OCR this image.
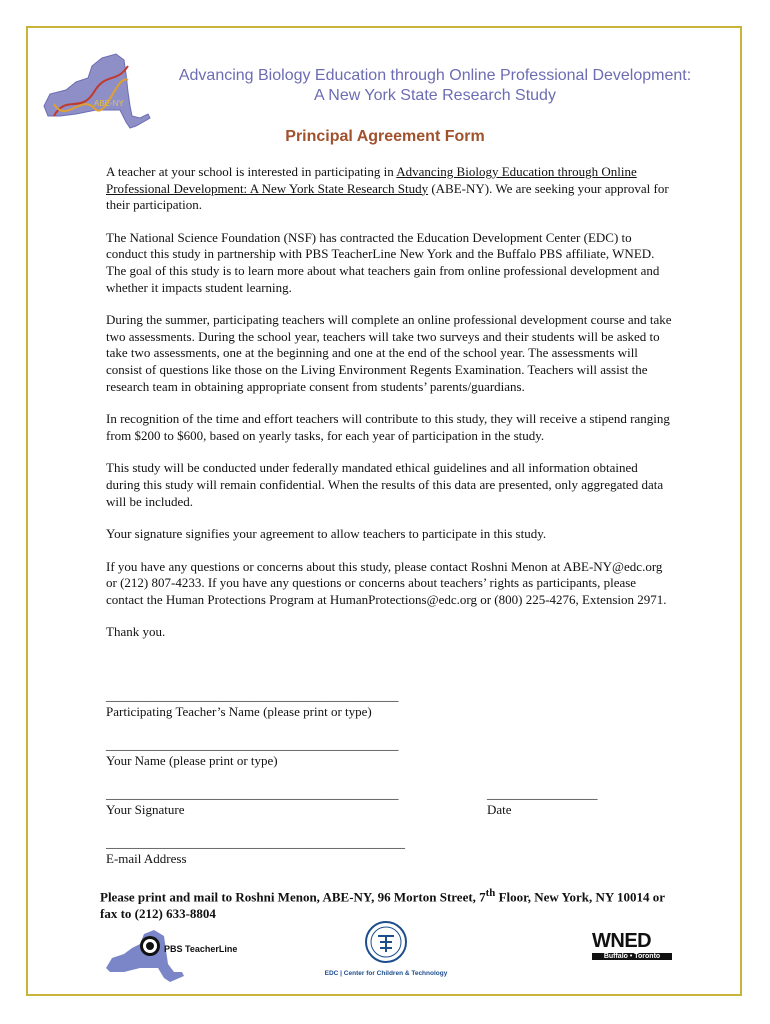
ABE-NY
Advancing Biology Education through Online Professional Development:
A New York State Research Study
Principal Agreement Form

A teacher at your school is interested in participating in Advancing Biology Education through Online Professional Development: A New York State Research Study (ABE-NY). We are seeking your approval for their participation.

The National Science Foundation (NSF) has contracted the Education Development Center (EDC) to conduct this study in partnership with PBS TeacherLine New York and the Buffalo PBS affiliate, WNED. The goal of this study is to learn more about what teachers gain from online professional development and whether it impacts student learning.

During the summer, participating teachers will complete an online professional development course and take two assessments. During the school year, teachers will take two surveys and their students will be asked to take two assessments, one at the beginning and one at the end of the school year. The assessments will consist of questions like those on the Living Environment Regents Examination. Teachers will assist the research team in obtaining appropriate consent from students’ parents/guardians.

In recognition of the time and effort teachers will contribute to this study, they will receive a stipend ranging from $200 to $600, based on yearly tasks, for each year of participation in the study.

This study will be conducted under federally mandated ethical guidelines and all information obtained during this study will remain confidential. When the results of this data are presented, only aggregated data will be included.

Your signature signifies your agreement to allow teachers to participate in this study.

If you have any questions or concerns about this study, please contact Roshni Menon at ABE-NY@edc.org or (212) 807-4233. If you have any questions or concerns about teachers’ rights as participants, please contact the Human Protections Program at HumanProtections@edc.org or (800) 225-4276, Extension 2971.

Thank you.

_____________________________________________
Participating Teacher’s Name (please print or type)
_____________________________________________
Your Name (please print or type)
_____________________________________________
Your Signature
_________________
Date
______________________________________________
E-mail Address
Please print and mail to Roshni Menon, ABE-NY, 96 Morton Street, 7th Floor, New York, NY 10014 or fax to (212) 633-8804
PBS TeacherLine
EDC | Center for Children & Technology
WNED
Buffalo • Toronto
